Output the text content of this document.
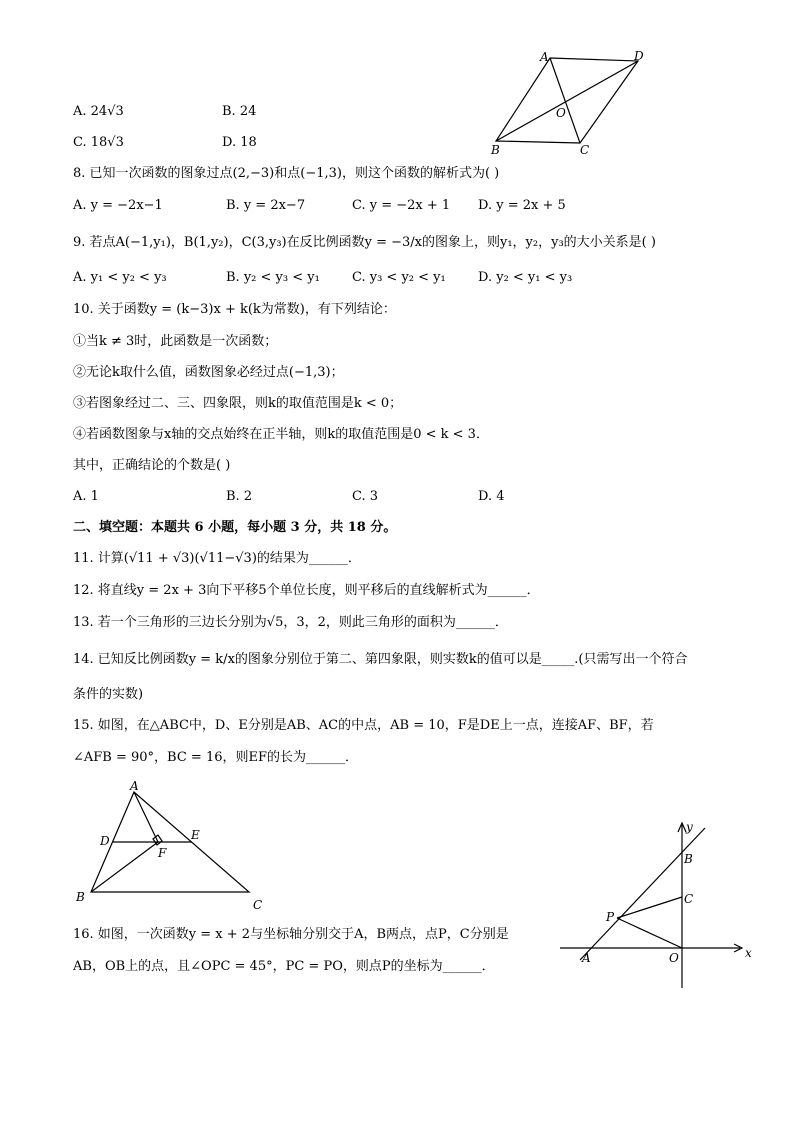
A. 24√3	B. 24
C. 18√3	D. 18
A	D
B	C
O
8. 已知一次函数的图象过点(2,−3)和点(−1,3)，则这个函数的解析式为( )
A. y = −2x−1	B. y = 2x−7	C. y = −2x + 1 D. y = 2x + 5
9. 若点A(−1,y₁)，B(1,y₂)，C(3,y₃)在反比例函数y = −3/x的图象上，则y₁，y₂，y₃的大小关系是( )
A. y₁ < y₂ < y₃	B. y₂ < y₃ < y₁ C. y₃ < y₂ < y₁ D. y₂ < y₁ < y₃
10. 关于函数y = (k−3)x + k(k为常数)，有下列结论：
①当k ≠ 3时，此函数是一次函数；
②无论k取什么值，函数图象必经过点(−1,3)；
③若图象经过二、三、四象限，则k的取值范围是k < 0；
④若函数图象与x轴的交点始终在正半轴，则k的取值范围是0 < k < 3．
其中，正确结论的个数是( )
A. 1	B. 2	C. 3	D. 4
二、填空题：本题共 6 小题，每小题 3 分，共 18 分。
11. 计算(√11 + √3)(√11−√3)的结果为______．
12. 将直线y = 2x + 3向下平移5个单位长度，则平移后的直线解析式为______．
13. 若一个三角形的三边长分别为√5，3，2，则此三角形的面积为______．
14. 已知反比例函数y = k/x的图象分别位于第二、第四象限，则实数k的值可以是_____.(只需写出一个符合
条件的实数)
15. 如图，在△ABC中，D、E分别是AB、AC的中点，AB = 10，F是DE上一点，连接AF、BF，若
∠AFB = 90°，BC = 16，则EF的长为______．
A
D	E
F
B
C
16. 如图，一次函数y = x + 2与坐标轴分别交于A，B两点，点P，C分别是
AB，OB上的点，且∠OPC = 45°，PC = PO，则点P的坐标为______．
y
x
B
C
P
A	O
